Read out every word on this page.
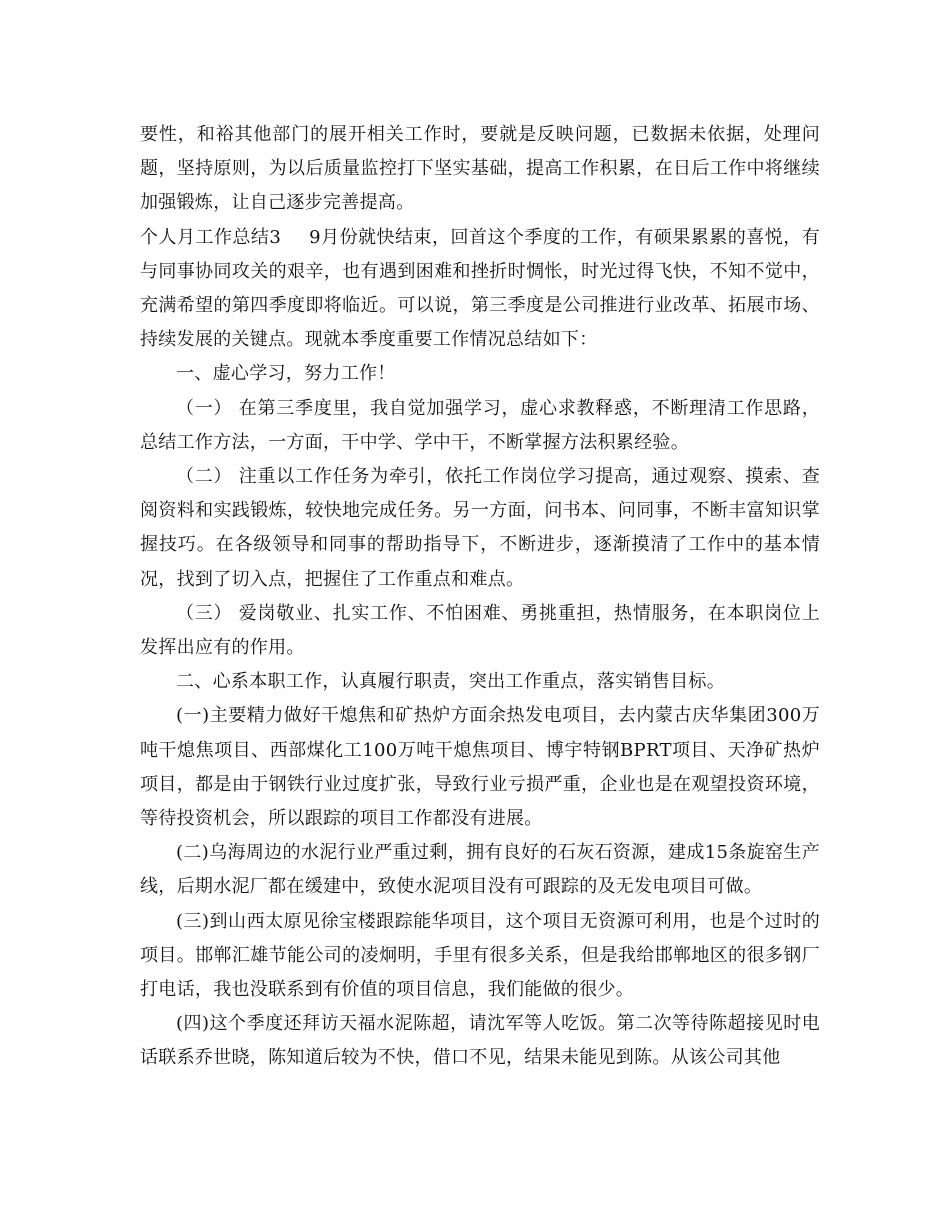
要性，和裕其他部门的展开相关工作时，要就是反映问题，已数据未依据，处理问题，坚持原则，为以后质量监控打下坚实基础，提高工作积累，在日后工作中将继续加强锻炼，让自己逐步完善提高。

个人月工作总结3 9月份就快结束，回首这个季度的工作，有硕果累累的喜悦，有与同事协同攻关的艰辛，也有遇到困难和挫折时惆怅，时光过得飞快，不知不觉中，充满希望的第四季度即将临近。可以说，第三季度是公司推进行业改革、拓展市场、持续发展的关键点。现就本季度重要工作情况总结如下：

一、虚心学习，努力工作！

（一） 在第三季度里，我自觉加强学习，虚心求教释惑，不断理清工作思路，总结工作方法，一方面，干中学、学中干，不断掌握方法积累经验。

（二） 注重以工作任务为牵引，依托工作岗位学习提高，通过观察、摸索、查阅资料和实践锻炼，较快地完成任务。另一方面，问书本、问同事，不断丰富知识掌握技巧。在各级领导和同事的帮助指导下，不断进步，逐渐摸清了工作中的基本情况，找到了切入点，把握住了工作重点和难点。

（三） 爱岗敬业、扎实工作、不怕困难、勇挑重担，热情服务，在本职岗位上发挥出应有的作用。

二、心系本职工作，认真履行职责，突出工作重点，落实销售目标。

(一)主要精力做好干熄焦和矿热炉方面余热发电项目，去内蒙古庆华集团300万吨干熄焦项目、西部煤化工100万吨干熄焦项目、博宇特钢BPRT项目、天净矿热炉项目，都是由于钢铁行业过度扩张，导致行业亏损严重，企业也是在观望投资环境，等待投资机会，所以跟踪的项目工作都没有进展。

(二)乌海周边的水泥行业严重过剩，拥有良好的石灰石资源，建成15条旋窑生产线，后期水泥厂都在缓建中，致使水泥项目没有可跟踪的及无发电项目可做。

(三)到山西太原见徐宝楼跟踪能华项目，这个项目无资源可利用，也是个过时的项目。邯郸汇雄节能公司的凌炯明，手里有很多关系，但是我给邯郸地区的很多钢厂打电话，我也没联系到有价值的项目信息，我们能做的很少。

(四)这个季度还拜访天福水泥陈超，请沈军等人吃饭。第二次等待陈超接见时电话联系乔世晓，陈知道后较为不快，借口不见，结果未能见到陈。从该公司其他
